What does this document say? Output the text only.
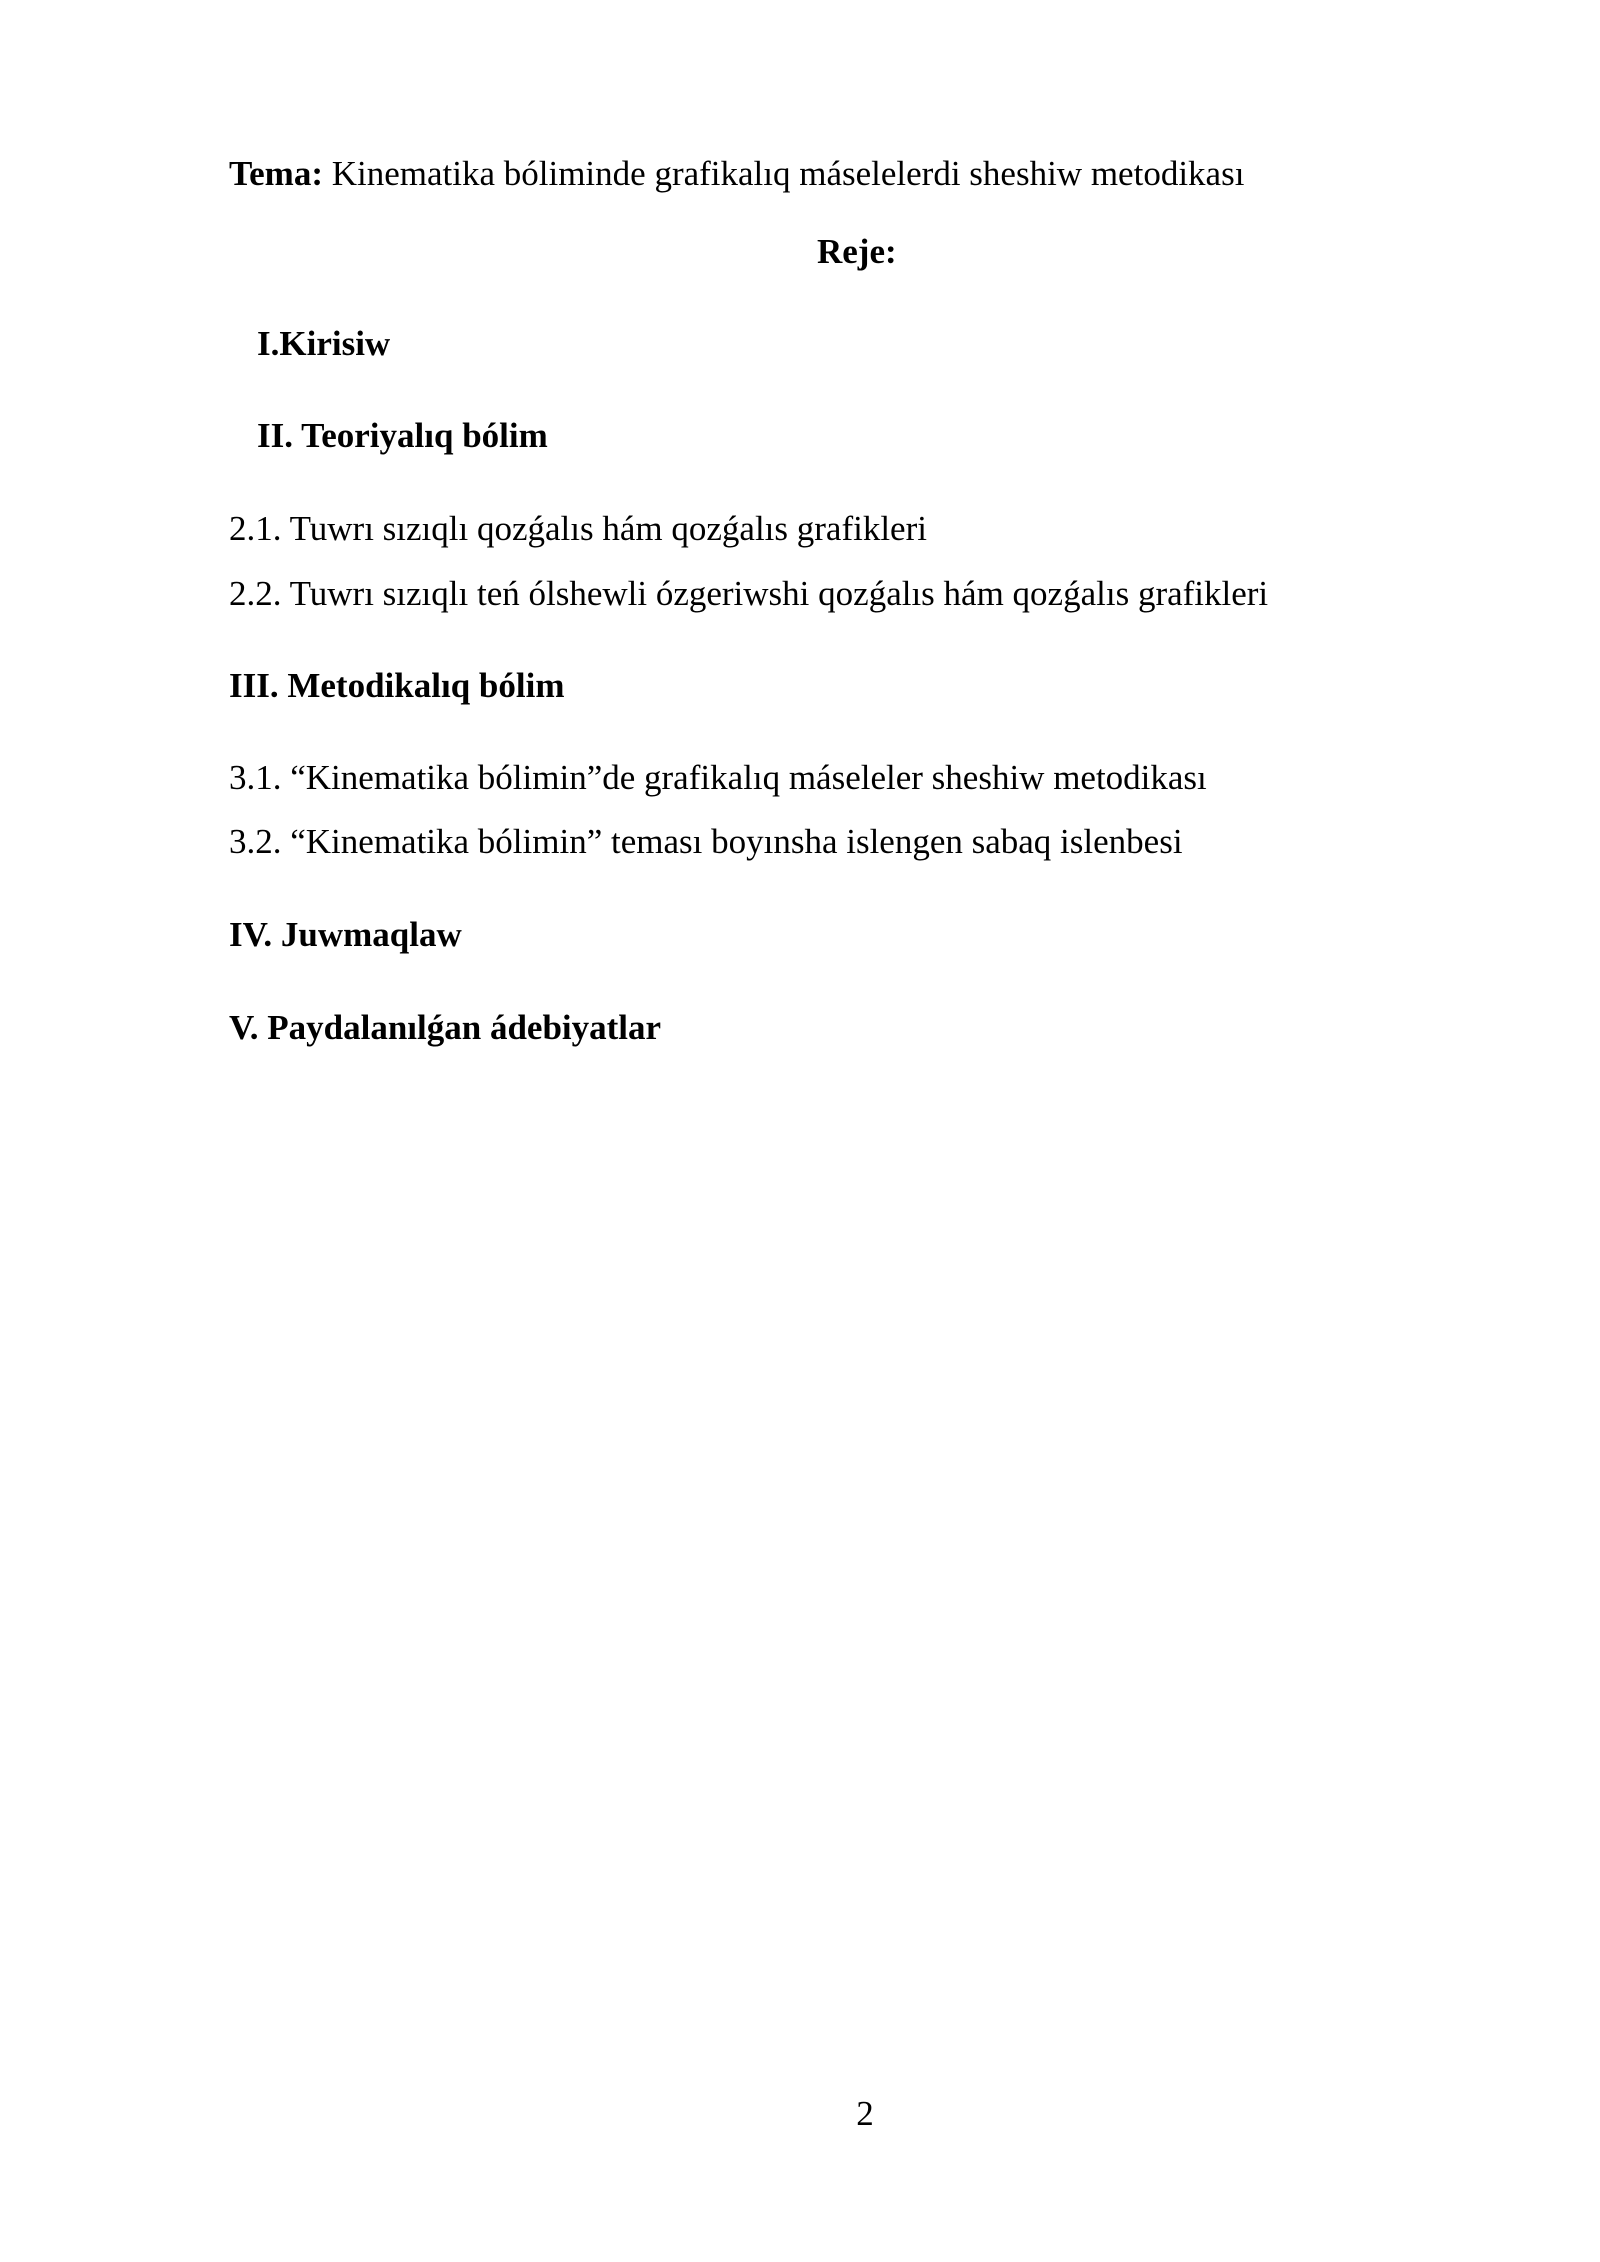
Tema: Kinematika bóliminde grafikalıq máselelerdi sheshiw metodikası
Reje:
I.Kirisiw
II. Teoriyalıq bólim
2.1. Tuwrı sızıqlı qozǵalıs hám qozǵalıs grafikleri
2.2. Tuwrı sızıqlı teń ólshewli ózgeriwshi qozǵalıs hám qozǵalıs grafikleri
III. Metodikalıq bólim
3.1. “Kinematika bólimin”de grafikalıq máseleler sheshiw metodikası
3.2. “Kinematika bólimin” teması boyınsha islengen sabaq islenbesi
IV. Juwmaqlaw
V. Paydalanılǵan ádebiyatlar
2
